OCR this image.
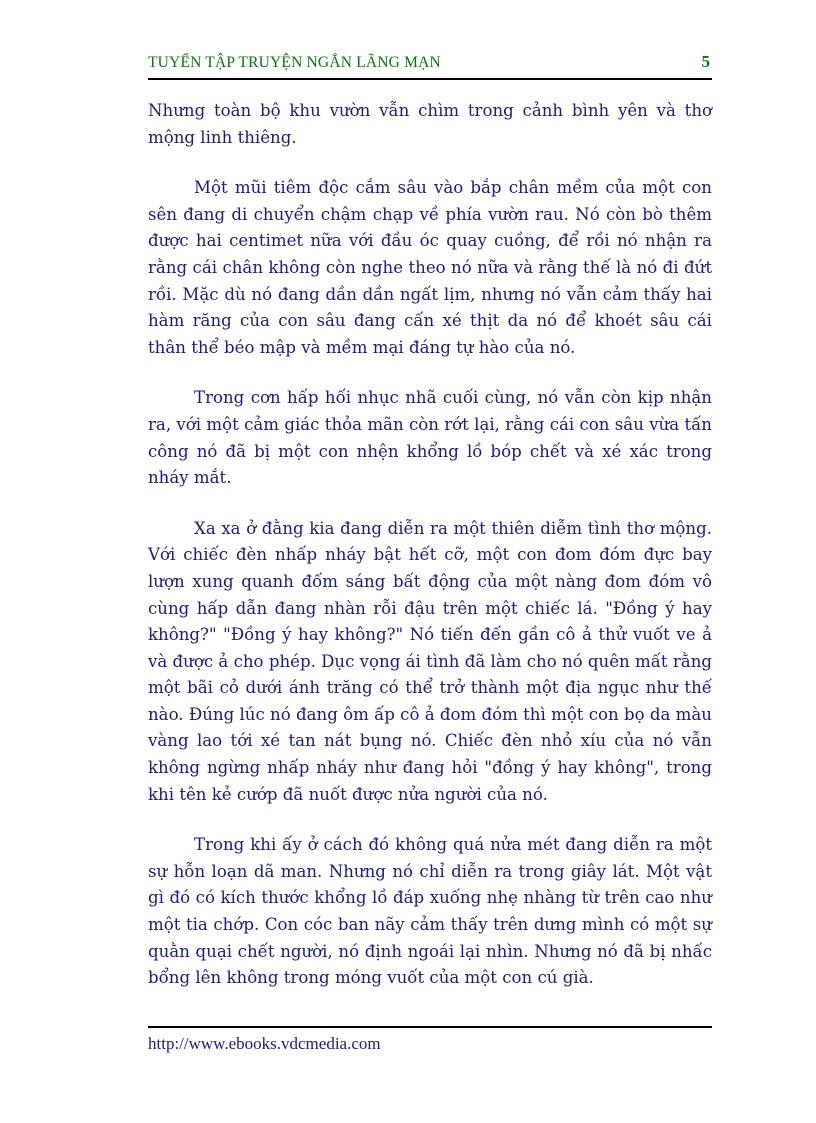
TUYỂN TẬP TRUYỆN NGẮN LÃNG MẠN	5

Nhưng toàn bộ khu vườn vẫn chìm trong cảnh bình yên và thơ mộng linh thiêng.

Một mũi tiêm độc cắm sâu vào bắp chân mềm của một con sên đang di chuyển chậm chạp về phía vườn rau. Nó còn bò thêm được hai centimet nữa với đầu óc quay cuồng, để rồi nó nhận ra rằng cái chân không còn nghe theo nó nữa và rằng thế là nó đi đứt rồi. Mặc dù nó đang dần dần ngất lịm, nhưng nó vẫn cảm thấy hai hàm răng của con sâu đang cấn xé thịt da nó để khoét sâu cái thân thể béo mập và mềm mại đáng tự hào của nó.

Trong cơn hấp hối nhục nhã cuối cùng, nó vẫn còn kịp nhận ra, với một cảm giác thỏa mãn còn rớt lại, rằng cái con sâu vừa tấn công nó đã bị một con nhện khổng lồ bóp chết và xé xác trong nháy mắt.

Xa xa ở đằng kia đang diễn ra một thiên diễm tình thơ mộng. Với chiếc đèn nhấp nháy bật hết cỡ, một con đom đóm đực bay lượn xung quanh đốm sáng bất động của một nàng đom đóm vô cùng hấp dẫn đang nhàn rỗi đậu trên một chiếc lá. "Đồng ý hay không?" "Đồng ý hay không?" Nó tiến đến gần cô ả thử vuốt ve ả và được ả cho phép. Dục vọng ái tình đã làm cho nó quên mất rằng một bãi cỏ dưới ánh trăng có thể trở thành một địa ngục như thế nào. Đúng lúc nó đang ôm ấp cô ả đom đóm thì một con bọ da màu vàng lao tới xé tan nát bụng nó. Chiếc đèn nhỏ xíu của nó vẫn không ngừng nhấp nháy như đang hỏi "đồng ý hay không", trong khi tên kẻ cướp đã nuốt được nửa người của nó.

Trong khi ấy ở cách đó không quá nửa mét đang diễn ra một sự hỗn loạn dã man. Nhưng nó chỉ diễn ra trong giây lát. Một vật gì đó có kích thước khổng lồ đáp xuống nhẹ nhàng từ trên cao như một tia chớp. Con cóc ban nãy cảm thấy trên dưng mình có một sự quằn quại chết người, nó định ngoái lại nhìn. Nhưng nó đã bị nhấc bổng lên không trong móng vuốt của một con cú già.

http://www.ebooks.vdcmedia.com
